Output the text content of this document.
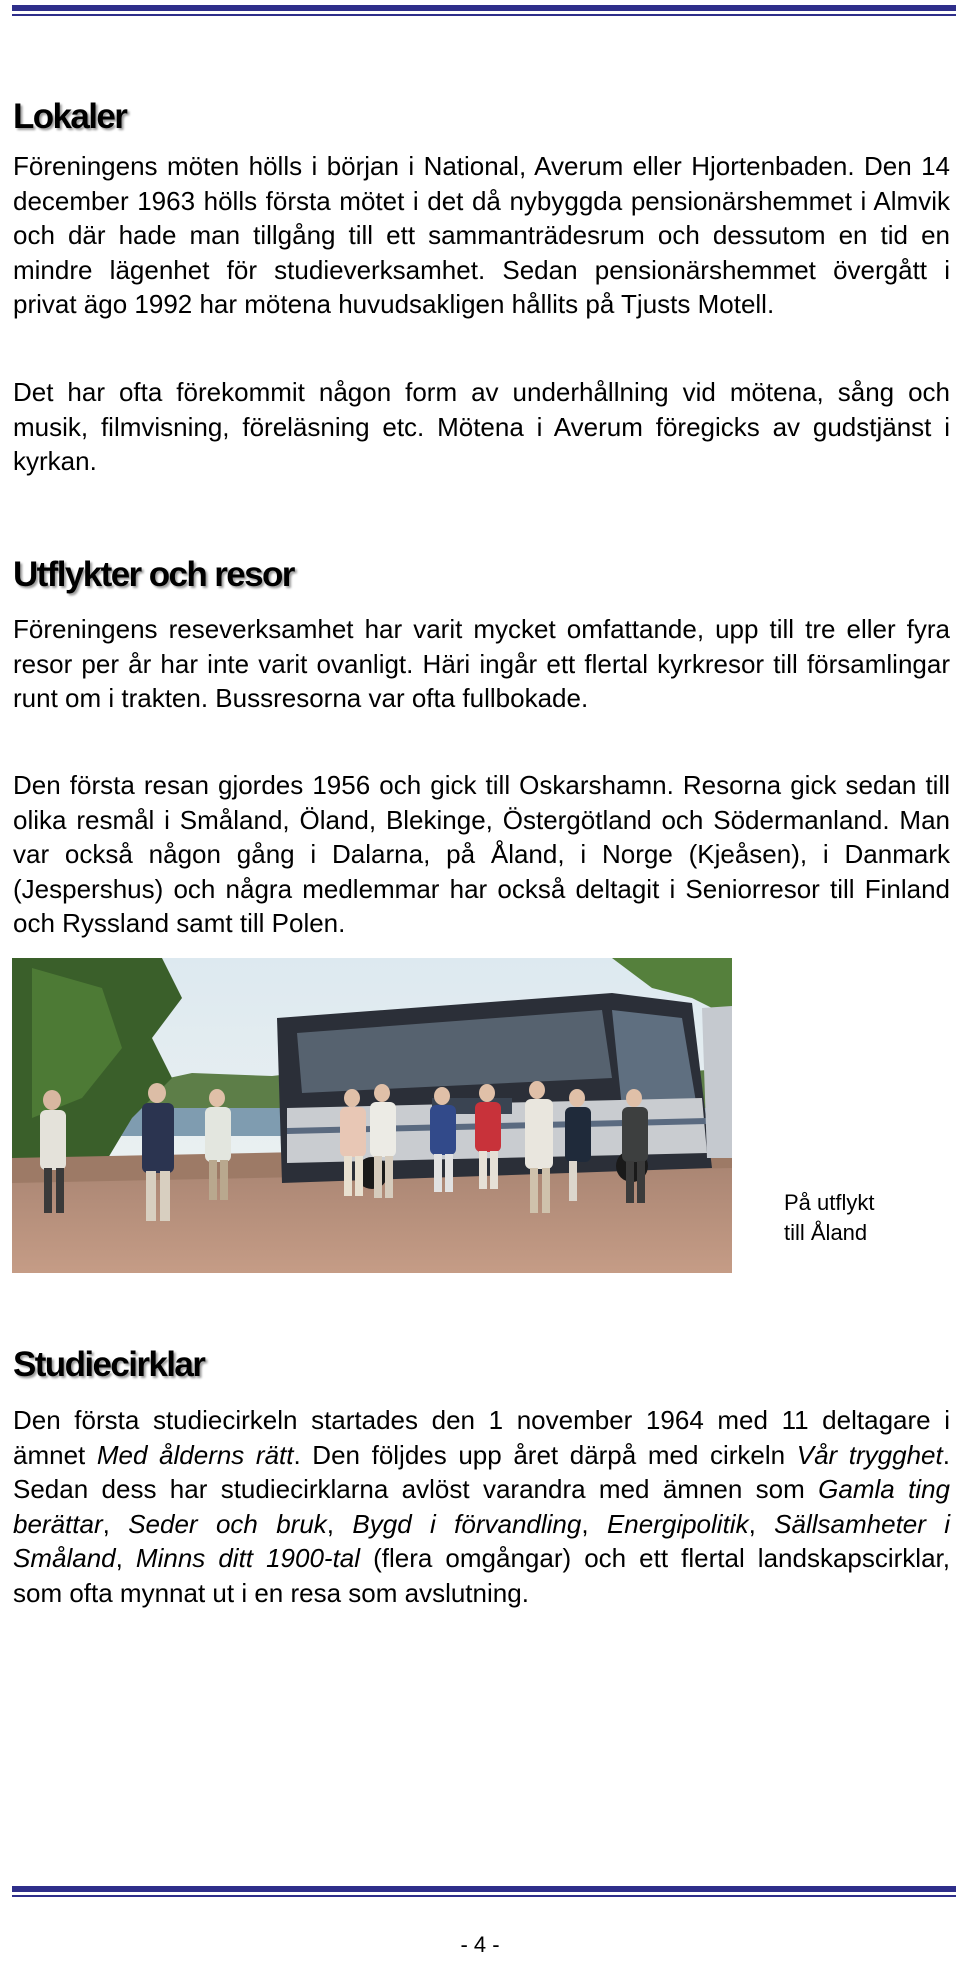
Lokaler

Föreningens möten hölls i början i National, Averum eller Hjortenbaden. Den 14 december 1963 hölls första mötet i det då nybyggda pensionärshemmet i Almvik och där hade man tillgång till ett sammanträdesrum och dessutom en tid en mindre lägenhet för studieverksamhet. Sedan pensionärshemmet övergått i privat ägo 1992 har mötena huvudsakligen hållits på Tjusts Motell.

Det har ofta förekommit någon form av underhållning vid mötena, sång och musik, filmvisning, föreläsning etc. Mötena i Averum föregicks av gudstjänst i kyrkan.

Utflykter och resor

Föreningens reseverksamhet har varit mycket omfattande, upp till tre eller fyra resor per år har inte varit ovanligt. Häri ingår ett flertal kyrkresor till församlingar runt om i trakten. Bussresorna var ofta fullbokade.

Den första resan gjordes 1956 och gick till Oskarshamn. Resorna gick sedan till olika resmål i Småland, Öland, Blekinge, Östergötland och Södermanland. Man var också någon gång i Dalarna, på Åland, i Norge (Kjeåsen), i Danmark (Jespershus) och några medlemmar har också deltagit i Seniorresor till Finland och Ryssland samt till Polen.

På utflykt
till Åland

Studiecirklar

Den första studiecirkeln startades den 1 november 1964 med 11 deltagare i ämnet Med ålderns rätt. Den följdes upp året därpå med cirkeln Vår trygghet. Sedan dess har studiecirklarna avlöst varandra med ämnen som Gamla ting berättar, Seder och bruk, Bygd i förvandling, Energipolitik, Sällsamheter i Småland, Minns ditt 1900-tal (flera omgångar) och ett flertal landskapscirklar, som ofta mynnat ut i en resa som avslutning.

- 4 -
